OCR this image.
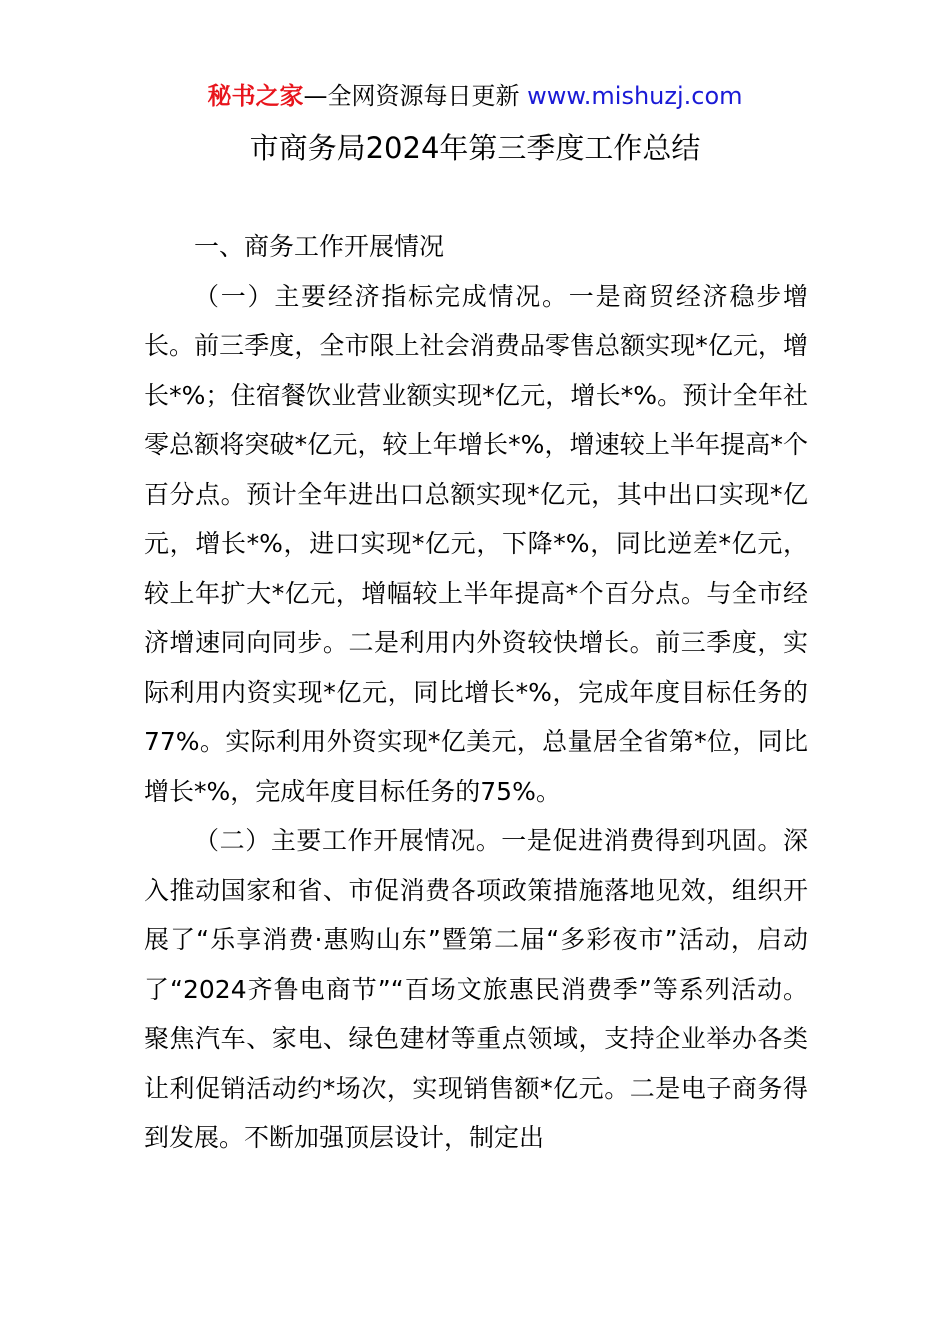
秘书之家—全网资源每日更新 www.mishuzj.com
市商务局2024年第三季度工作总结

一、商务工作开展情况

（一）主要经济指标完成情况。一是商贸经济稳步增长。前三季度，全市限上社会消费品零售总额实现*亿元，增长*%；住宿餐饮业营业额实现*亿元，增长*%。预计全年社零总额将突破*亿元，较上年增长*%，增速较上半年提高*个百分点。预计全年进出口总额实现*亿元，其中出口实现*亿元，增长*%，进口实现*亿元，下降*%，同比逆差*亿元，较上年扩大*亿元，增幅较上半年提高*个百分点。与全市经济增速同向同步。二是利用内外资较快增长。前三季度，实际利用内资实现*亿元，同比增长*%，完成年度目标任务的77%。实际利用外资实现*亿美元，总量居全省第*位，同比增长*%，完成年度目标任务的75%。

（二）主要工作开展情况。一是促进消费得到巩固。深入推动国家和省、市促消费各项政策措施落地见效，组织开展了“乐享消费·惠购山东”暨第二届“多彩夜市”活动，启动了“2024齐鲁电商节”“百场文旅惠民消费季”等系列活动。聚焦汽车、家电、绿色建材等重点领域，支持企业举办各类让利促销活动约*场次，实现销售额*亿元。二是电子商务得到发展。不断加强顶层设计，制定出
